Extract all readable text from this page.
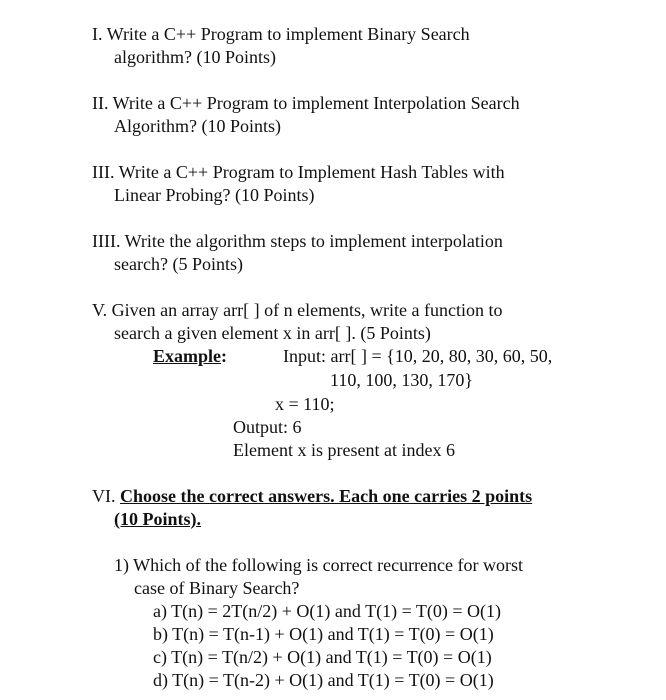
I. Write a C++ Program to implement Binary Search

algorithm? (10 Points)

II. Write a C++ Program to implement Interpolation Search

Algorithm? (10 Points)

III. Write a C++ Program to Implement Hash Tables with

Linear Probing? (10 Points)

IIII. Write the algorithm steps to implement interpolation

search? (5 Points)

V. Given an array arr[ ] of n elements, write a function to

search a given element x in arr[ ]. (5 Points)

Example:	Input: arr[ ] = {10, 20, 80, 30, 60, 50,
110, 100, 130, 170}
x = 110;
Output: 6
Element x is present at index 6
VI. Choose the correct answers. Each one carries 2 points
(10 Points).
1) Which of the following is correct recurrence for worst
case of Binary Search?
a) T(n) = 2T(n/2) + O(1) and T(1) = T(0) = O(1)
b) T(n) = T(n-1) + O(1) and T(1) = T(0) = O(1)
c) T(n) = T(n/2) + O(1) and T(1) = T(0) = O(1)
d) T(n) = T(n-2) + O(1) and T(1) = T(0) = O(1)
